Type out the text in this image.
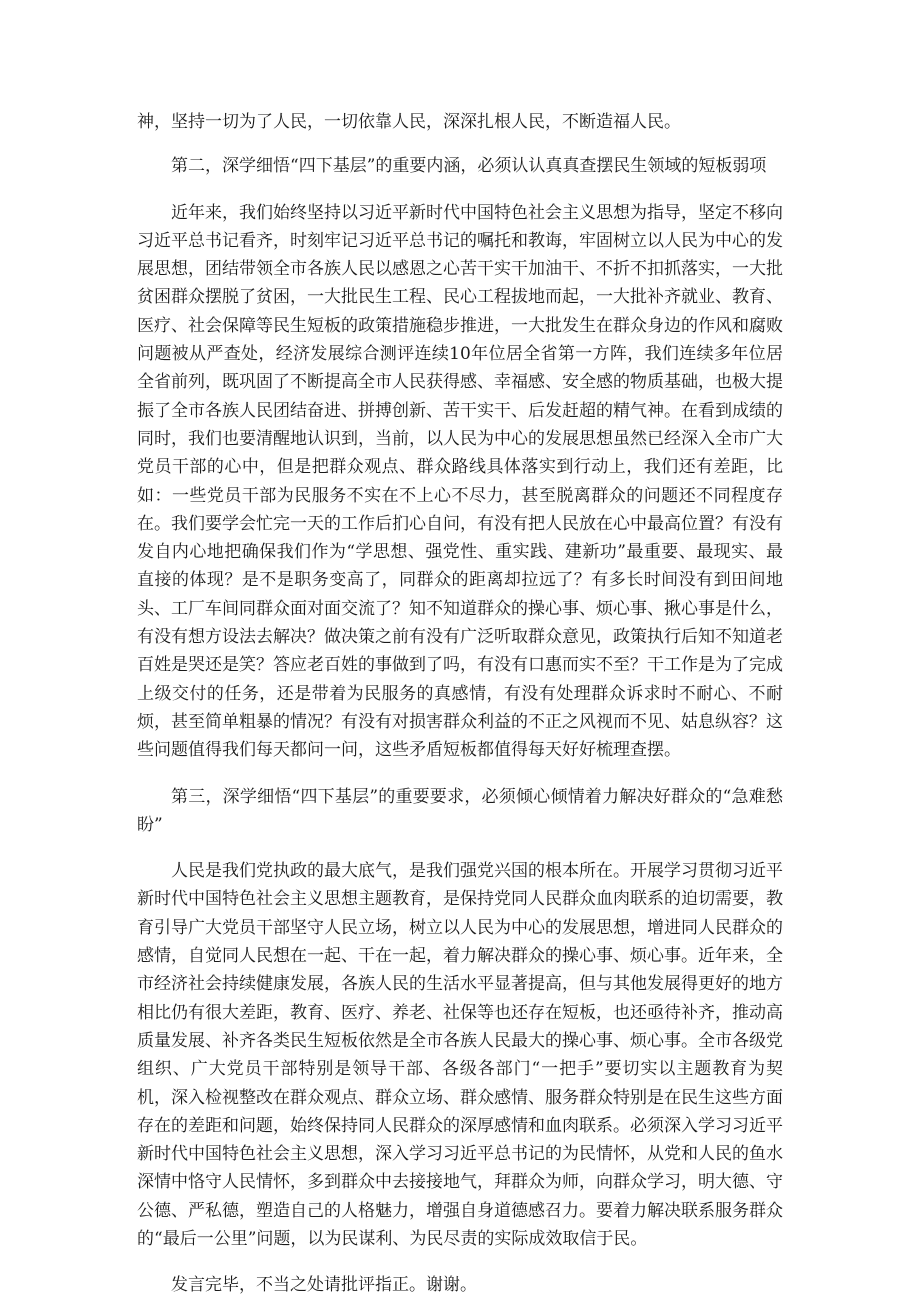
神，坚持一切为了人民，一切依靠人民，深深扎根人民，不断造福人民。

第二，深学细悟“四下基层”的重要内涵，必须认认真真查摆民生领域的短板弱项

近年来，我们始终坚持以习近平新时代中国特色社会主义思想为指导，坚定不移向习近平总书记看齐，时刻牢记习近平总书记的嘱托和教诲，牢固树立以人民为中心的发展思想，团结带领全市各族人民以感恩之心苦干实干加油干、不折不扣抓落实，一大批贫困群众摆脱了贫困，一大批民生工程、民心工程拔地而起，一大批补齐就业、教育、医疗、社会保障等民生短板的政策措施稳步推进，一大批发生在群众身边的作风和腐败问题被从严查处，经济发展综合测评连续10年位居全省第一方阵，我们连续多年位居全省前列，既巩固了不断提高全市人民获得感、幸福感、安全感的物质基础，也极大提振了全市各族人民团结奋进、拼搏创新、苦干实干、后发赶超的精气神。在看到成绩的同时，我们也要清醒地认识到，当前，以人民为中心的发展思想虽然已经深入全市广大党员干部的心中，但是把群众观点、群众路线具体落实到行动上，我们还有差距，比如：一些党员干部为民服务不实在不上心不尽力，甚至脱离群众的问题还不同程度存在。我们要学会忙完一天的工作后扪心自问，有没有把人民放在心中最高位置？有没有发自内心地把确保我们作为“学思想、强党性、重实践、建新功”最重要、最现实、最直接的体现？是不是职务变高了，同群众的距离却拉远了？有多长时间没有到田间地头、工厂车间同群众面对面交流了？知不知道群众的操心事、烦心事、揪心事是什么，有没有想方设法去解决？做决策之前有没有广泛听取群众意见，政策执行后知不知道老百姓是哭还是笑？答应老百姓的事做到了吗，有没有口惠而实不至？干工作是为了完成上级交付的任务，还是带着为民服务的真感情，有没有处理群众诉求时不耐心、不耐烦，甚至简单粗暴的情况？有没有对损害群众利益的不正之风视而不见、姑息纵容？这些问题值得我们每天都问一问，这些矛盾短板都值得每天好好梳理查摆。

第三，深学细悟“四下基层”的重要要求，必须倾心倾情着力解决好群众的“急难愁盼”

人民是我们党执政的最大底气，是我们强党兴国的根本所在。开展学习贯彻习近平新时代中国特色社会主义思想主题教育，是保持党同人民群众血肉联系的迫切需要，教育引导广大党员干部坚守人民立场，树立以人民为中心的发展思想，增进同人民群众的感情，自觉同人民想在一起、干在一起，着力解决群众的操心事、烦心事。近年来，全市经济社会持续健康发展，各族人民的生活水平显著提高，但与其他发展得更好的地方相比仍有很大差距，教育、医疗、养老、社保等也还存在短板，也还亟待补齐，推动高质量发展、补齐各类民生短板依然是全市各族人民最大的操心事、烦心事。全市各级党组织、广大党员干部特别是领导干部、各级各部门“一把手”要切实以主题教育为契机，深入检视整改在群众观点、群众立场、群众感情、服务群众特别是在民生这些方面存在的差距和问题，始终保持同人民群众的深厚感情和血肉联系。必须深入学习习近平新时代中国特色社会主义思想，深入学习习近平总书记的为民情怀，从党和人民的鱼水深情中恪守人民情怀，多到群众中去接接地气，拜群众为师，向群众学习，明大德、守公德、严私德，塑造自己的人格魅力，增强自身道德感召力。要着力解决联系服务群众的“最后一公里”问题，以为民谋利、为民尽责的实际成效取信于民。

发言完毕，不当之处请批评指正。谢谢。
